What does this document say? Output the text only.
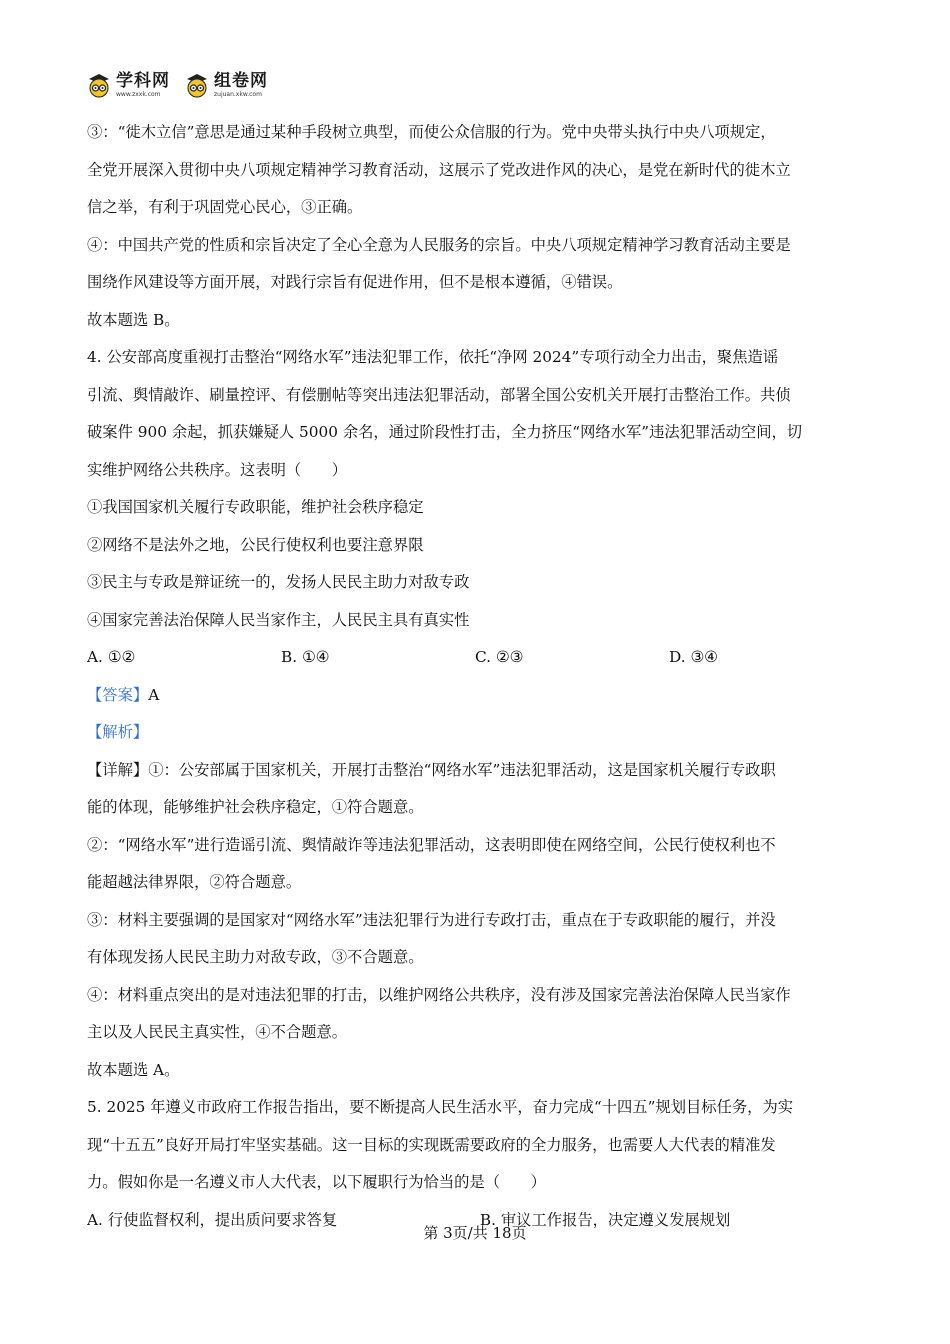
学科网
www.zxxk.com
组卷网
zujuan.xkw.com
③：“徙木立信”意思是通过某种手段树立典型，而使公众信服的行为。党中央带头执行中央八项规定，
全党开展深入贯彻中央八项规定精神学习教育活动，这展示了党改进作风的决心，是党在新时代的徙木立
信之举，有利于巩固党心民心，③正确。
④：中国共产党的性质和宗旨决定了全心全意为人民服务的宗旨。中央八项规定精神学习教育活动主要是
围绕作风建设等方面开展，对践行宗旨有促进作用，但不是根本遵循，④错误。
故本题选 B。
4. 公安部高度重视打击整治“网络水军”违法犯罪工作，依托“净网 2024”专项行动全力出击，聚焦造谣
引流、舆情敲诈、刷量控评、有偿删帖等突出违法犯罪活动，部署全国公安机关开展打击整治工作。共侦
破案件 900 余起，抓获嫌疑人 5000 余名，通过阶段性打击，全力挤压“网络水军”违法犯罪活动空间，切
实维护网络公共秩序。这表明（　　）
①我国国家机关履行专政职能，维护社会秩序稳定
②网络不是法外之地，公民行使权利也要注意界限
③民主与专政是辩证统一的，发扬人民民主助力对敌专政
④国家完善法治保障人民当家作主，人民民主具有真实性
A. ①②	B. ①④	C. ②③	D. ③④
【答案】A
【解析】
【详解】①：公安部属于国家机关，开展打击整治“网络水军”违法犯罪活动，这是国家机关履行专政职
能的体现，能够维护社会秩序稳定，①符合题意。
②：“网络水军”进行造谣引流、舆情敲诈等违法犯罪活动，这表明即使在网络空间，公民行使权利也不
能超越法律界限，②符合题意。
③：材料主要强调的是国家对“网络水军”违法犯罪行为进行专政打击，重点在于专政职能的履行，并没
有体现发扬人民民主助力对敌专政，③不合题意。
④：材料重点突出的是对违法犯罪的打击，以维护网络公共秩序，没有涉及国家完善法治保障人民当家作
主以及人民民主真实性，④不合题意。
故本题选 A。
5. 2025 年遵义市政府工作报告指出，要不断提高人民生活水平，奋力完成“十四五”规划目标任务，为实
现“十五五”良好开局打牢坚实基础。这一目标的实现既需要政府的全力服务，也需要人大代表的精准发
力。假如你是一名遵义市人大代表，以下履职行为恰当的是（　　）
A. 行使监督权利，提出质问要求答复	B. 审议工作报告，决定遵义发展规划
第 3页/共 18页
